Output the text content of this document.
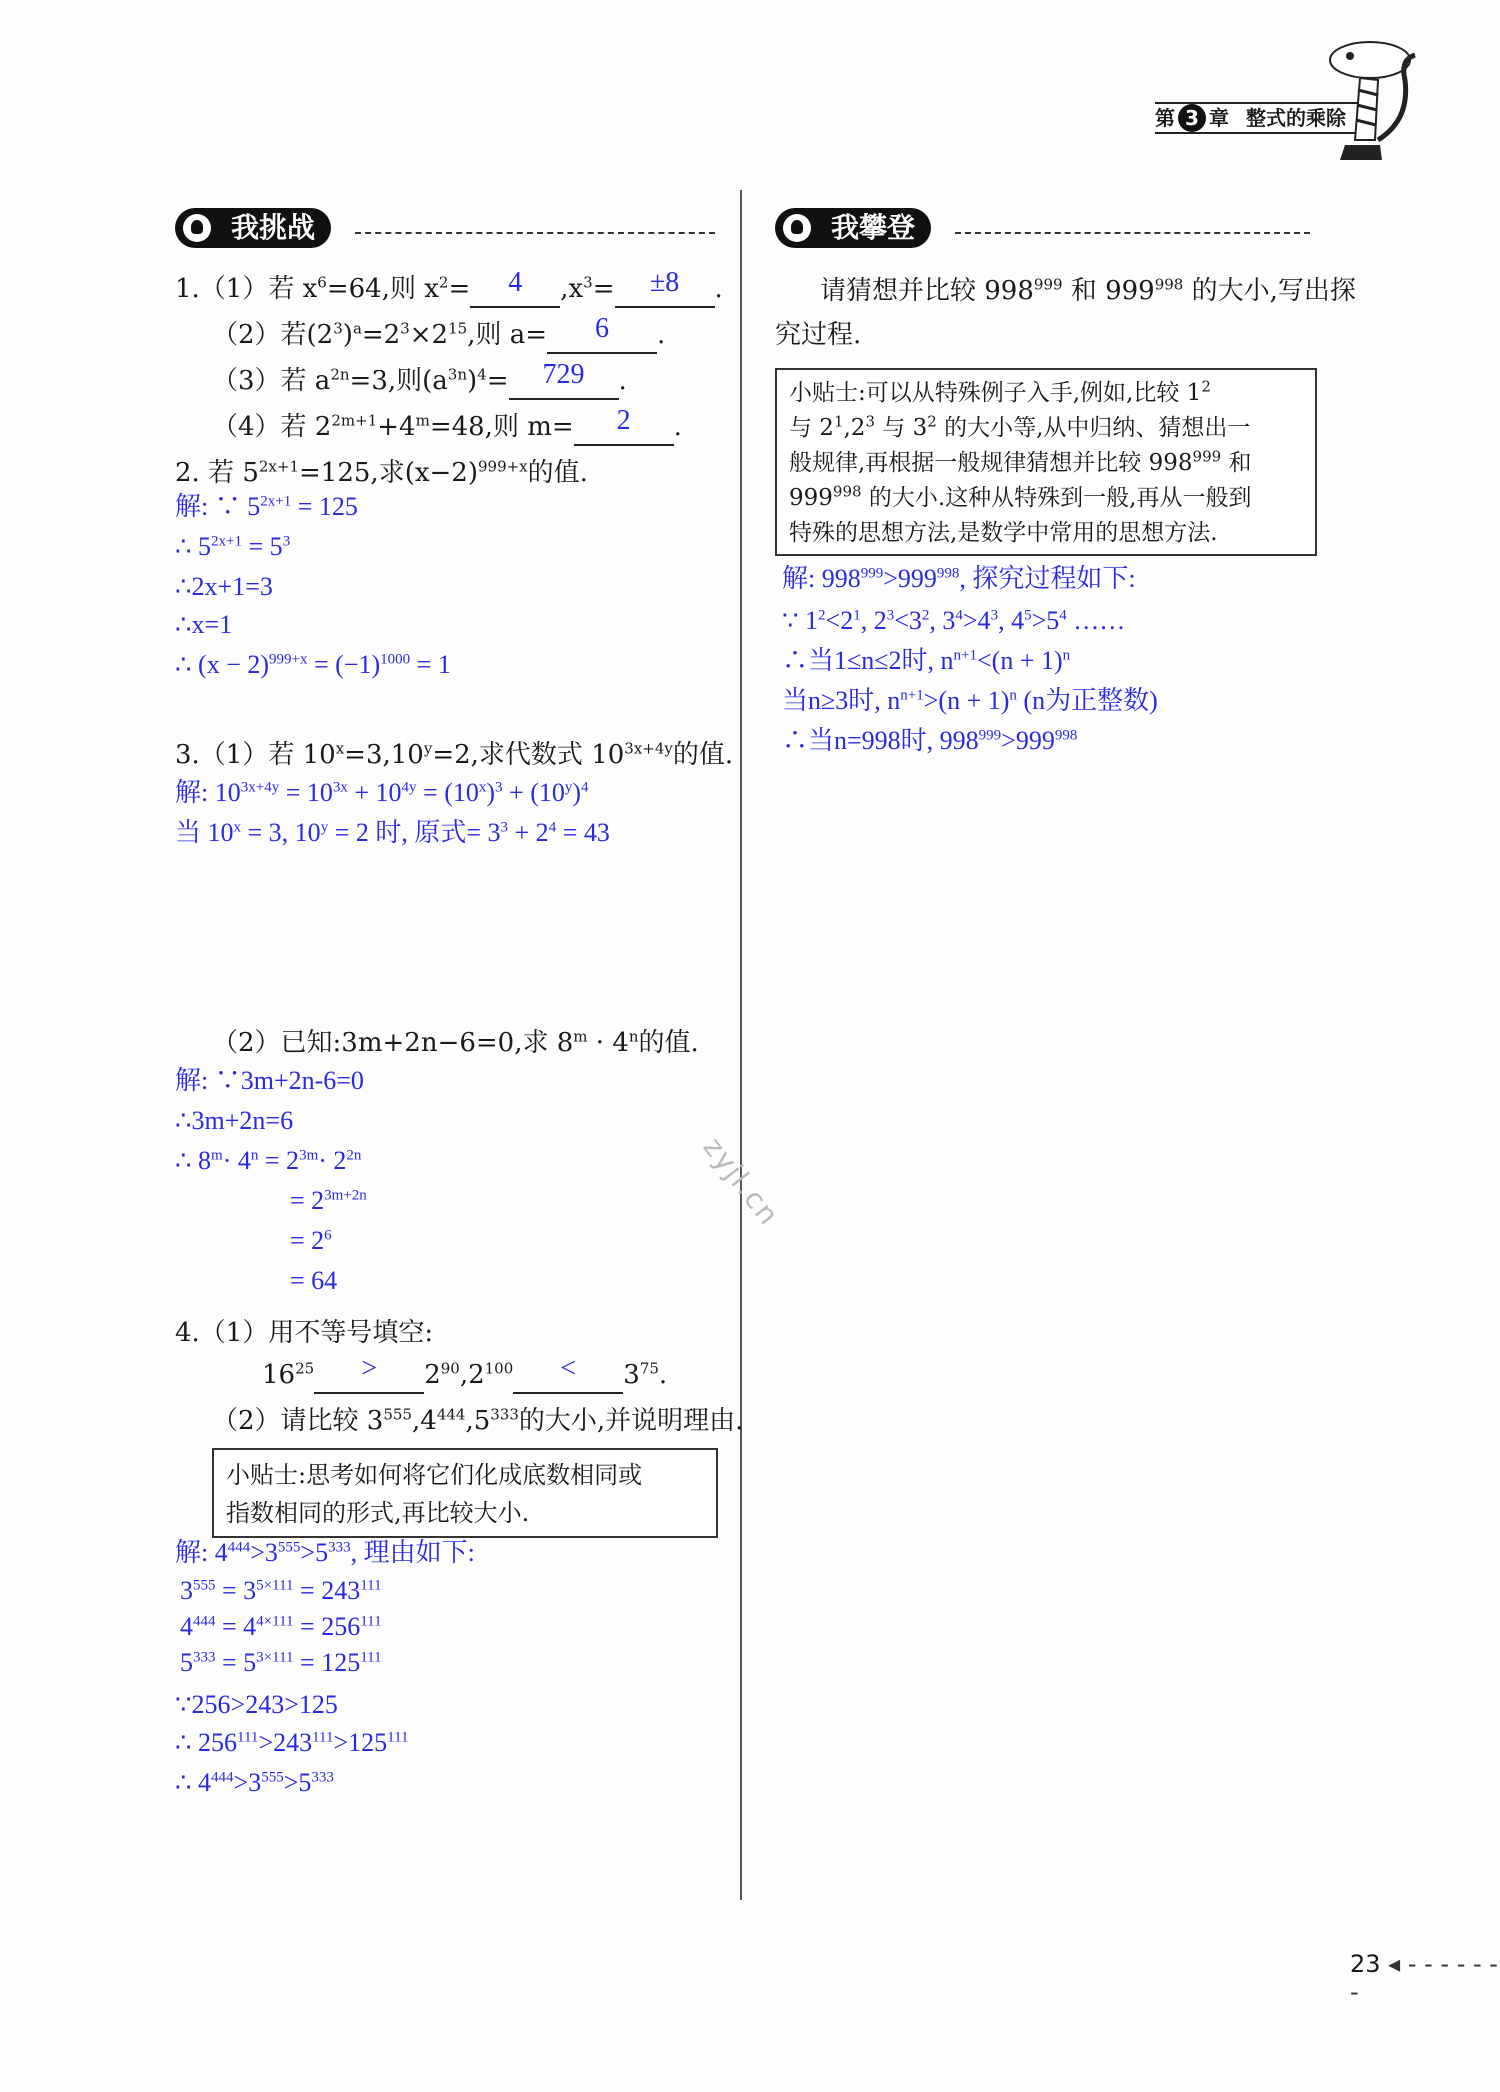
第 3 章 整式的乘除
我挑战	我攀登
1.（1）若 $x^6=64$,则 $x^2= 4$ $,x^3= \pm 8$ .
（2）若$(2^3)^a=2^3\times 2^{15}$,则 a= 6 .
（3）若 $a^{2n}=3$,则$(a^{3n})^4= 729$ .
（4）若 $2^{2m+1}+4^m=48$,则 m= 2 .
2. 若 $5^{2x+1}=125$,求$(x-2)^{999+x}$的值.
解: ∵ $5^{2x+1} = 125$
∴ $5^{2x+1} = 5^3$
∴2x+1=3
∴x=1
∴ $(x - 2)^{999+x} = (-1)^{1000} = 1$
3.（1）若 $10^x=3,10^y=2$,求代数式 $10^{3x+4y}$的值.
解: $10^{3x+4y} = 10^{3x} + 10^{4y} = (10^x)^3 + (10^y)^4$
当 $10^x = 3$, $10^y = 2$ 时, 原式= $3^3 + 2^4 = 43$
（2）已知:3m+2n−6=0,求 $8^m \cdot 4^n$的值.
解: ∵3m+2n-6=0
∴3m+2n=6
∴ $8^m\cdot 4^n = 2^{3m}\cdot 2^{2n}$
= $2^{3m+2n}$
= $2^6$
= 64
4.（1）用不等号填空:
$16^{25} > 2^{90},2^{100} < 3^{75}$.
（2）请比较 $3^{555},4^{444},5^{333}$的大小,并说明理由.
小贴士:思考如何将它们化成底数相同或
指数相同的形式,再比较大小.
解: $4^{444}>3^{555}>5^{333}$, 理由如下:
$3^{555} = 3^{5\times 111} = 243^{111}$
$4^{444} = 4^{4\times 111} = 256^{111}$
$5^{333} = 5^{3\times 111} = 125^{111}$
∵256>243>125
∴ $256^{111}>243^{111}>125^{111}$
∴ $4^{444}>3^{555}>5^{333}$
请猜想并比较 $998^{999}$ 和 $999^{998}$ 的大小,写出探
究过程.
小贴士:可以从特殊例子入手,例如,比较 $1^2$
与 $2^1,2^3$ 与 $3^2$ 的大小等,从中归纳、猜想出一
般规律,再根据一般规律猜想并比较 $998^{999}$ 和
$999^{998}$ 的大小.这种从特殊到一般,再从一般到
特殊的思想方法,是数学中常用的思想方法.
解: $998^{999}>999^{998}$, 探究过程如下:
∵ $1^2<2^1$, $2^3<3^2$, $3^4>4^3$, $4^5>5^4$ ……
∴当1≤n≤2时, $n^{n+1}<(n + 1)^n$
当n≥3时, $n^{n+1}>(n + 1)^n$ (n为正整数)
∴当n=998时, $998^{999}>999^{998}$
zyjl.cn
23 ◂ - - - - - - -
